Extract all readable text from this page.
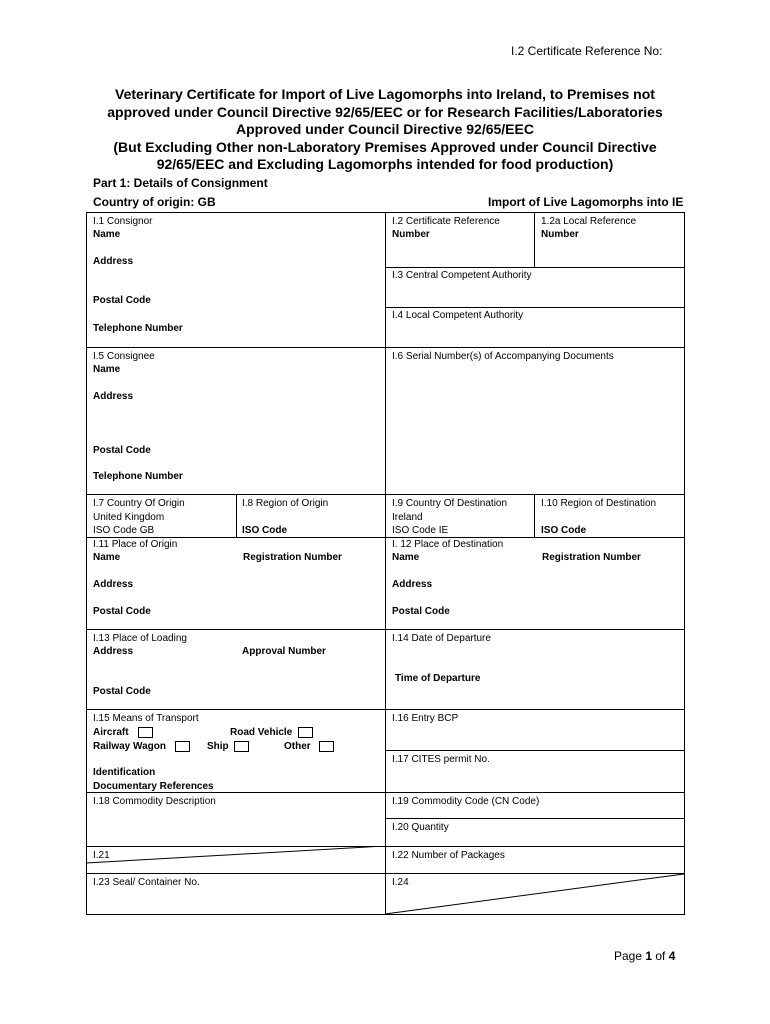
I.2 Certificate Reference No:
Veterinary Certificate for Import of Live Lagomorphs into Ireland, to Premises not
approved under Council Directive 92/65/EEC or for Research Facilities/Laboratories
Approved under Council Directive 92/65/EEC
(But Excluding Other non-Laboratory Premises Approved under Council Directive
92/65/EEC and Excluding Lagomorphs intended for food production)
Part 1: Details of Consignment
Country of origin: GB	Import of Live Lagomorphs into IE
I.1 Consignor
Name
Address
Postal Code
Telephone Number
I.2 Certificate Reference
Number
1.2a Local Reference
Number
I.3 Central Competent Authority
I.4 Local Competent Authority
I.5 Consignee
Name
Address
Postal Code
Telephone Number
I.6 Serial Number(s) of Accompanying Documents
I.7 Country Of Origin
United Kingdom
ISO Code GB
I.8 Region of Origin
ISO Code
I.9 Country Of Destination
Ireland
ISO Code IE
I.10 Region of Destination
ISO Code
I.11 Place of Origin
Name	Registration Number
Address
Postal Code
I. 12 Place of Destination
Name	Registration Number
Address
Postal Code
I.13 Place of Loading
Address	Approval Number
Postal Code
I.14 Date of Departure
Time of Departure
I.15 Means of Transport
Aircraft	Road Vehicle
Railway Wagon	Ship	Other
Identification
Documentary References
I.16 Entry BCP
I.17 CITES permit No.
I.18 Commodity Description	I.19 Commodity Code (CN Code)
I.20 Quantity
I.21	I.22 Number of Packages
I.23 Seal/ Container No.	I.24
Page 1 of 4
